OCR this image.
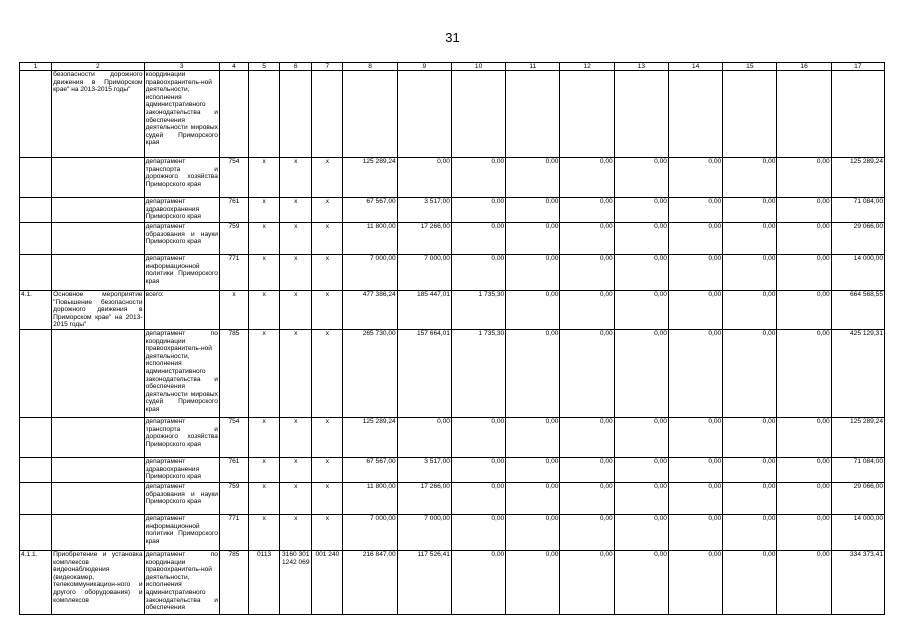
31
1	2	3	4	5	6	7	8	9	10	11	12	13	14	15	16	17
	безопасности дорожного движения в Приморском крае" на 2013-2015 годы"	координации правоохранитель-ной деятельности, исполнения административного законодательства и обеспечения деятельности мировых судей Приморского края														
		департамент транспорта и дорожного хозяйства Приморского края	754	x	x	x	125 289,24	0,00	0,00	0,00	0,00	0,00	0,00	0,00	0,00	125 289,24
		департамент здравоохранения Приморского края	761	x	x	x	67 567,00	3 517,00	0,00	0,00	0,00	0,00	0,00	0,00	0,00	71 084,00
		департамент образования и науки Приморского края	759	x	x	x	11 800,00	17 266,00	0,00	0,00	0,00	0,00	0,00	0,00	0,00	29 066,00
		департамент информационной политики Приморского края	771	x	x	x	7 000,00	7 000,00	0,00	0,00	0,00	0,00	0,00	0,00	0,00	14 000,00
4.1.	Основное мероприятие "Повышение безопасности дорожного движения в Приморском крае" на 2013-2015 годы"	всего:	x	x	x	x	477 386,24	185 447,01	1 735,30	0,00	0,00	0,00	0,00	0,00	0,00	664 568,55
		департамент по координации правоохранитель-ной деятельности, исполнения административного законодательства и обеспечения деятельности мировых судей Приморского края	785	x	x	x	265 730,00	157 664,01	1 735,30	0,00	0,00	0,00	0,00	0,00	0,00	425 129,31
		департамент транспорта и дорожного хозяйства Приморского края	754	x	x	x	125 289,24	0,00	0,00	0,00	0,00	0,00	0,00	0,00	0,00	125 289,24
		департамент здравоохранения Приморского края	761	x	x	x	67 567,00	3 517,00	0,00	0,00	0,00	0,00	0,00	0,00	0,00	71 084,00
		департамент образования и науки Приморского края	759	x	x	x	11 800,00	17 266,00	0,00	0,00	0,00	0,00	0,00	0,00	0,00	29 066,00
		департамент информационной политики Приморского края	771	x	x	x	7 000,00	7 000,00	0,00	0,00	0,00	0,00	0,00	0,00	0,00	14 000,00
4.1.1.	Приобретение и установка комплексов видеонаблюдения (видеокамер, телекоммуникацион-ного и другого оборудования) и комплексов	департамент по координации правоохранитель-ной деятельности, исполнения административного законодательства и обеспечения	785	0113	3160 301 1242 069	001 240	216 847,00	117 526,41	0,00	0,00	0,00	0,00	0,00	0,00	0,00	334 373,41
